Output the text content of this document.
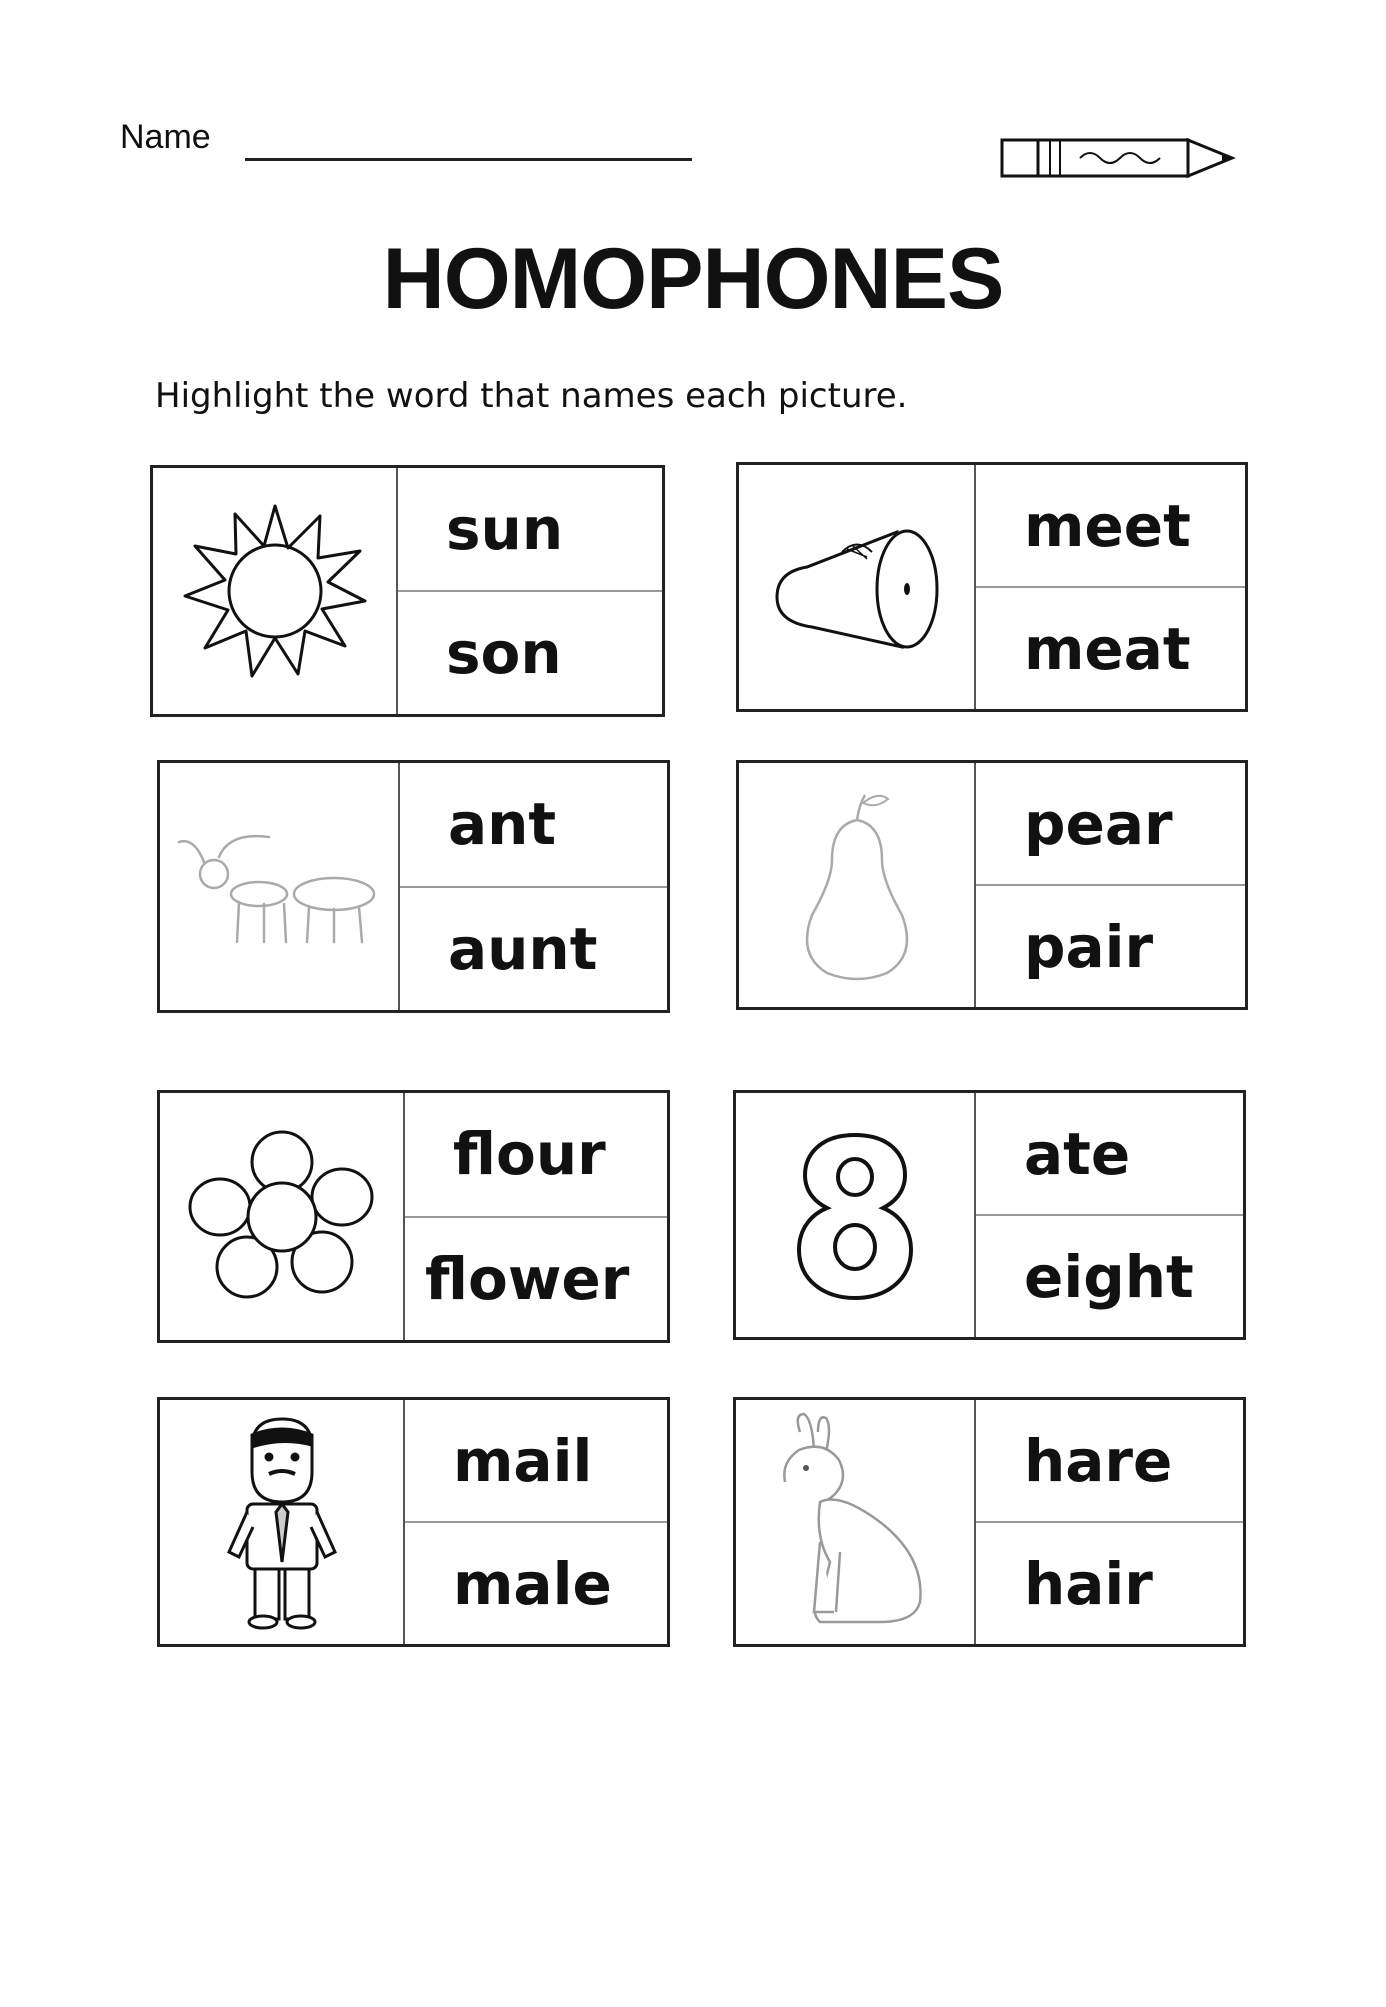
Name
HOMOPHONES
Highlight the word that names each picture.
sun
son
meet
meat
ant
aunt
pear
pair
flour
flower
ate
eight
mail
male
hare
hair
